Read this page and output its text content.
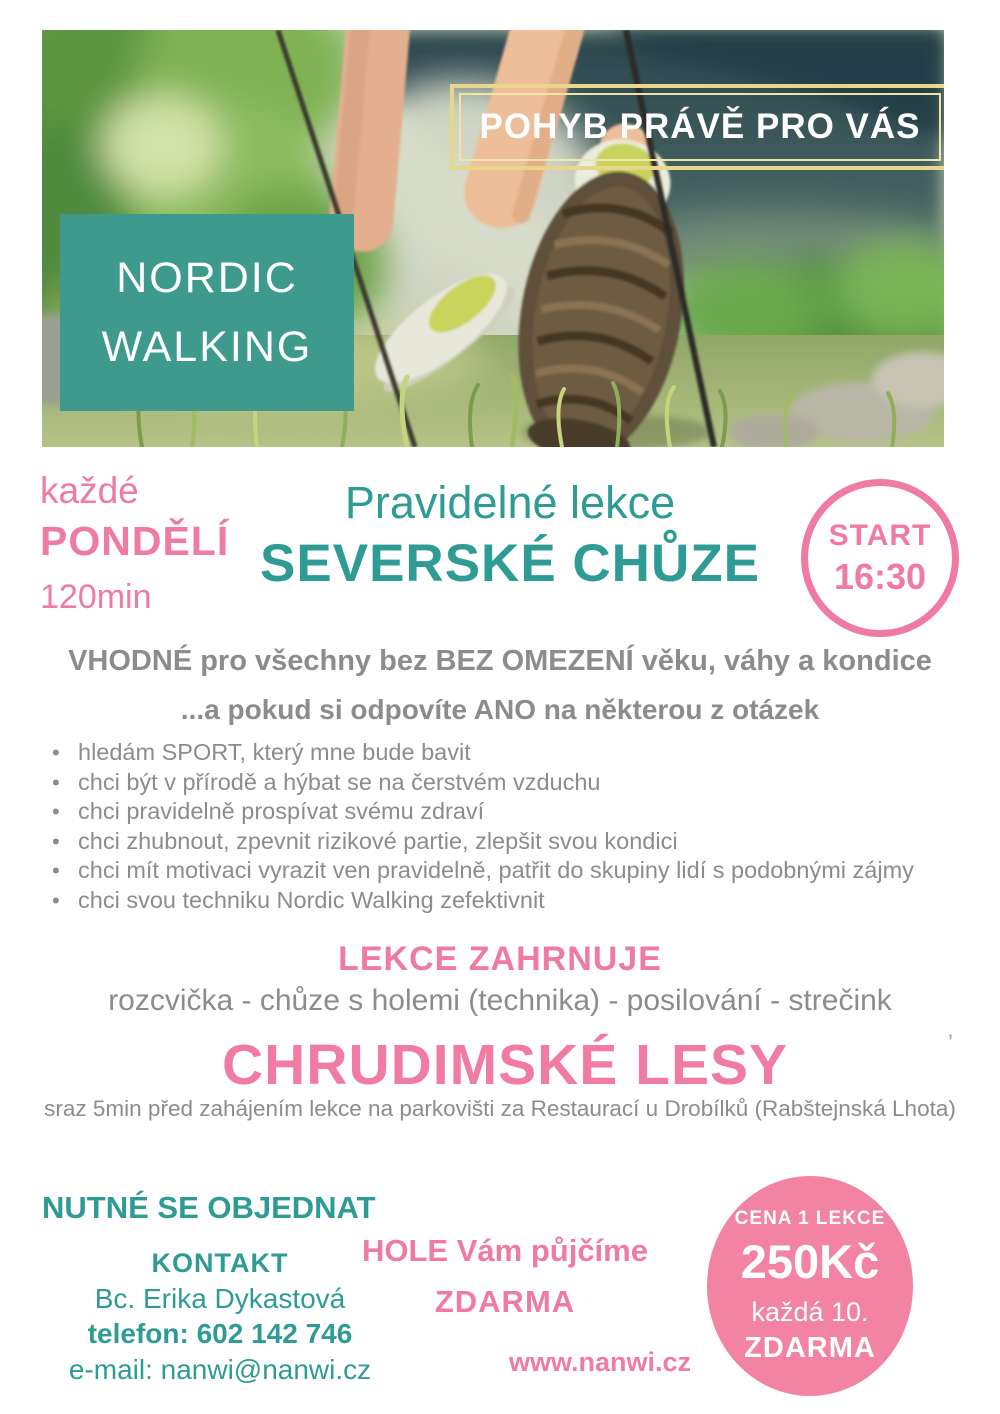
POHYB PRÁVĚ PRO VÁS
NORDIC
WALKING
každé
PONDĚLÍ
120min
Pravidelné lekce
SEVERSKÉ CHŮZE	START
16:30
VHODNÉ pro všechny bez BEZ OMEZENÍ věku, váhy a kondice
...a pokud si odpovíte ANO na některou z otázek
• hledám SPORT, který mne bude bavit
• chci být v přírodě a hýbat se na čerstvém vzduchu
• chci pravidelně prospívat svému zdraví
• chci zhubnout, zpevnit rizikové partie, zlepšit svou kondici
• chci mít motivaci vyrazit ven pravidelně, patřit do skupiny lidí s podobnými zájmy
• chci svou techniku Nordic Walking zefektivnit
LEKCE ZAHRNUJE
rozcvička - chůze s holemi (technika) - posilování - strečink
’
CHRUDIMSKÉ LESY
sraz 5min před zahájením lekce na parkovišti za Restaurací u Drobílků (Rabštejnská Lhota)
NUTNÉ SE OBJEDNAT
KONTAKT
Bc. Erika Dykastová
telefon: 602 142 746
e-mail: nanwi@nanwi.cz
HOLE Vám půjčíme
ZDARMA
www.nanwi.cz
CENA 1 LEKCE
250Kč
každá 10.
ZDARMA
